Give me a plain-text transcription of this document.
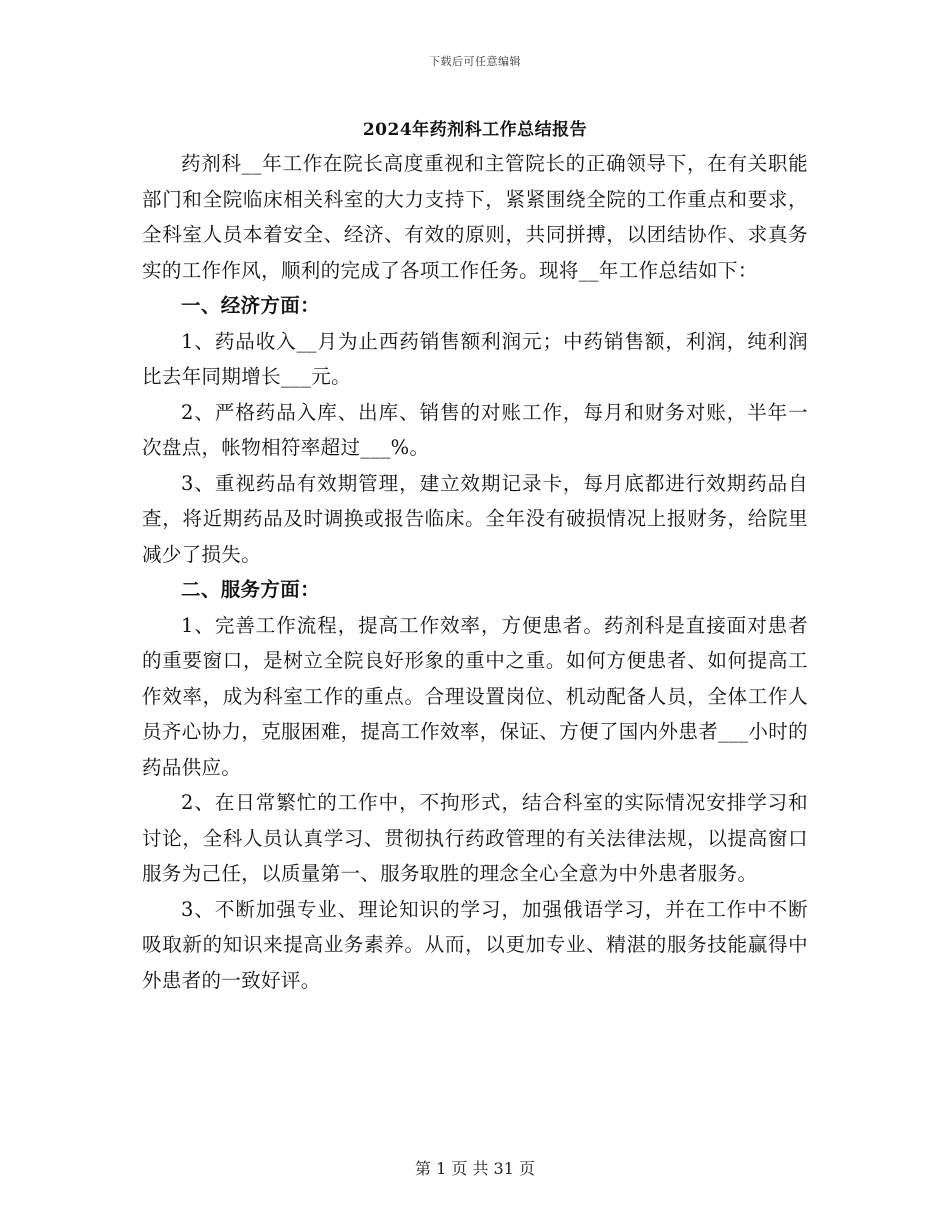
下载后可任意编辑
2024年药剂科工作总结报告

药剂科__年工作在院长高度重视和主管院长的正确领导下，在有关职能部门和全院临床相关科室的大力支持下，紧紧围绕全院的工作重点和要求，全科室人员本着安全、经济、有效的原则，共同拼搏，以团结协作、求真务实的工作作风，顺利的完成了各项工作任务。现将__年工作总结如下：

一、经济方面：

1、药品收入__月为止西药销售额利润元；中药销售额，利润，纯利润比去年同期增长___元。

2、严格药品入库、出库、销售的对账工作，每月和财务对账，半年一次盘点，帐物相符率超过___%。

3、重视药品有效期管理，建立效期记录卡，每月底都进行效期药品自查，将近期药品及时调换或报告临床。全年没有破损情况上报财务，给院里减少了损失。

二、服务方面：

1、完善工作流程，提高工作效率，方便患者。药剂科是直接面对患者的重要窗口，是树立全院良好形象的重中之重。如何方便患者、如何提高工作效率，成为科室工作的重点。合理设置岗位、机动配备人员，全体工作人员齐心协力，克服困难，提高工作效率，保证、方便了国内外患者___小时的药品供应。

2、在日常繁忙的工作中，不拘形式，结合科室的实际情况安排学习和讨论，全科人员认真学习、贯彻执行药政管理的有关法律法规，以提高窗口服务为己任，以质量第一、服务取胜的理念全心全意为中外患者服务。

3、不断加强专业、理论知识的学习，加强俄语学习，并在工作中不断吸取新的知识来提高业务素养。从而，以更加专业、精湛的服务技能赢得中外患者的一致好评。

第 1 页 共 31 页
